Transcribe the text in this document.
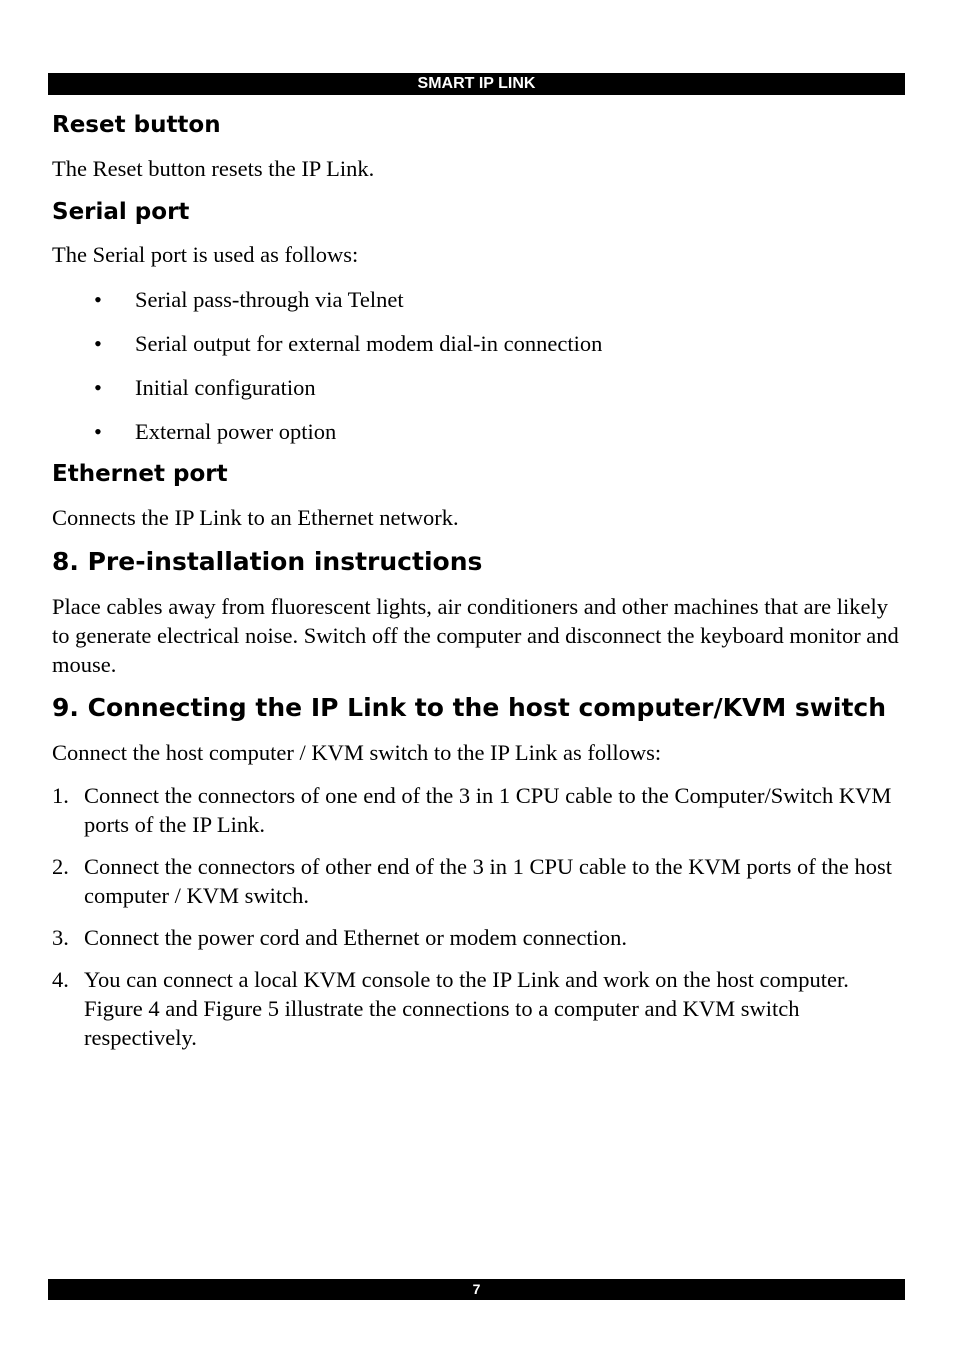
SMART IP LINK
Reset button

The Reset button resets the IP Link.

Serial port

The Serial port is used as follows:

• Serial pass-through via Telnet
• Serial output for external modem dial-in connection
• Initial configuration
• External power option
Ethernet port

Connects the IP Link to an Ethernet network.

8. Pre-installation instructions

Place cables away from fluorescent lights, air conditioners and other machines that are likely to generate electrical noise. Switch off the computer and disconnect the keyboard monitor and mouse.

9. Connecting the IP Link to the host computer/KVM switch

Connect the host computer / KVM switch to the IP Link as follows:

1. Connect the connectors of one end of the 3 in 1 CPU cable to the Computer/Switch KVM ports of the IP Link.
2. Connect the connectors of other end of the 3 in 1 CPU cable to the KVM ports of the host computer / KVM switch.
3. Connect the power cord and Ethernet or modem connection.
4. You can connect a local KVM console to the IP Link and work on the host computer. Figure 4 and Figure 5 illustrate the connections to a computer and KVM switch respectively.
7
